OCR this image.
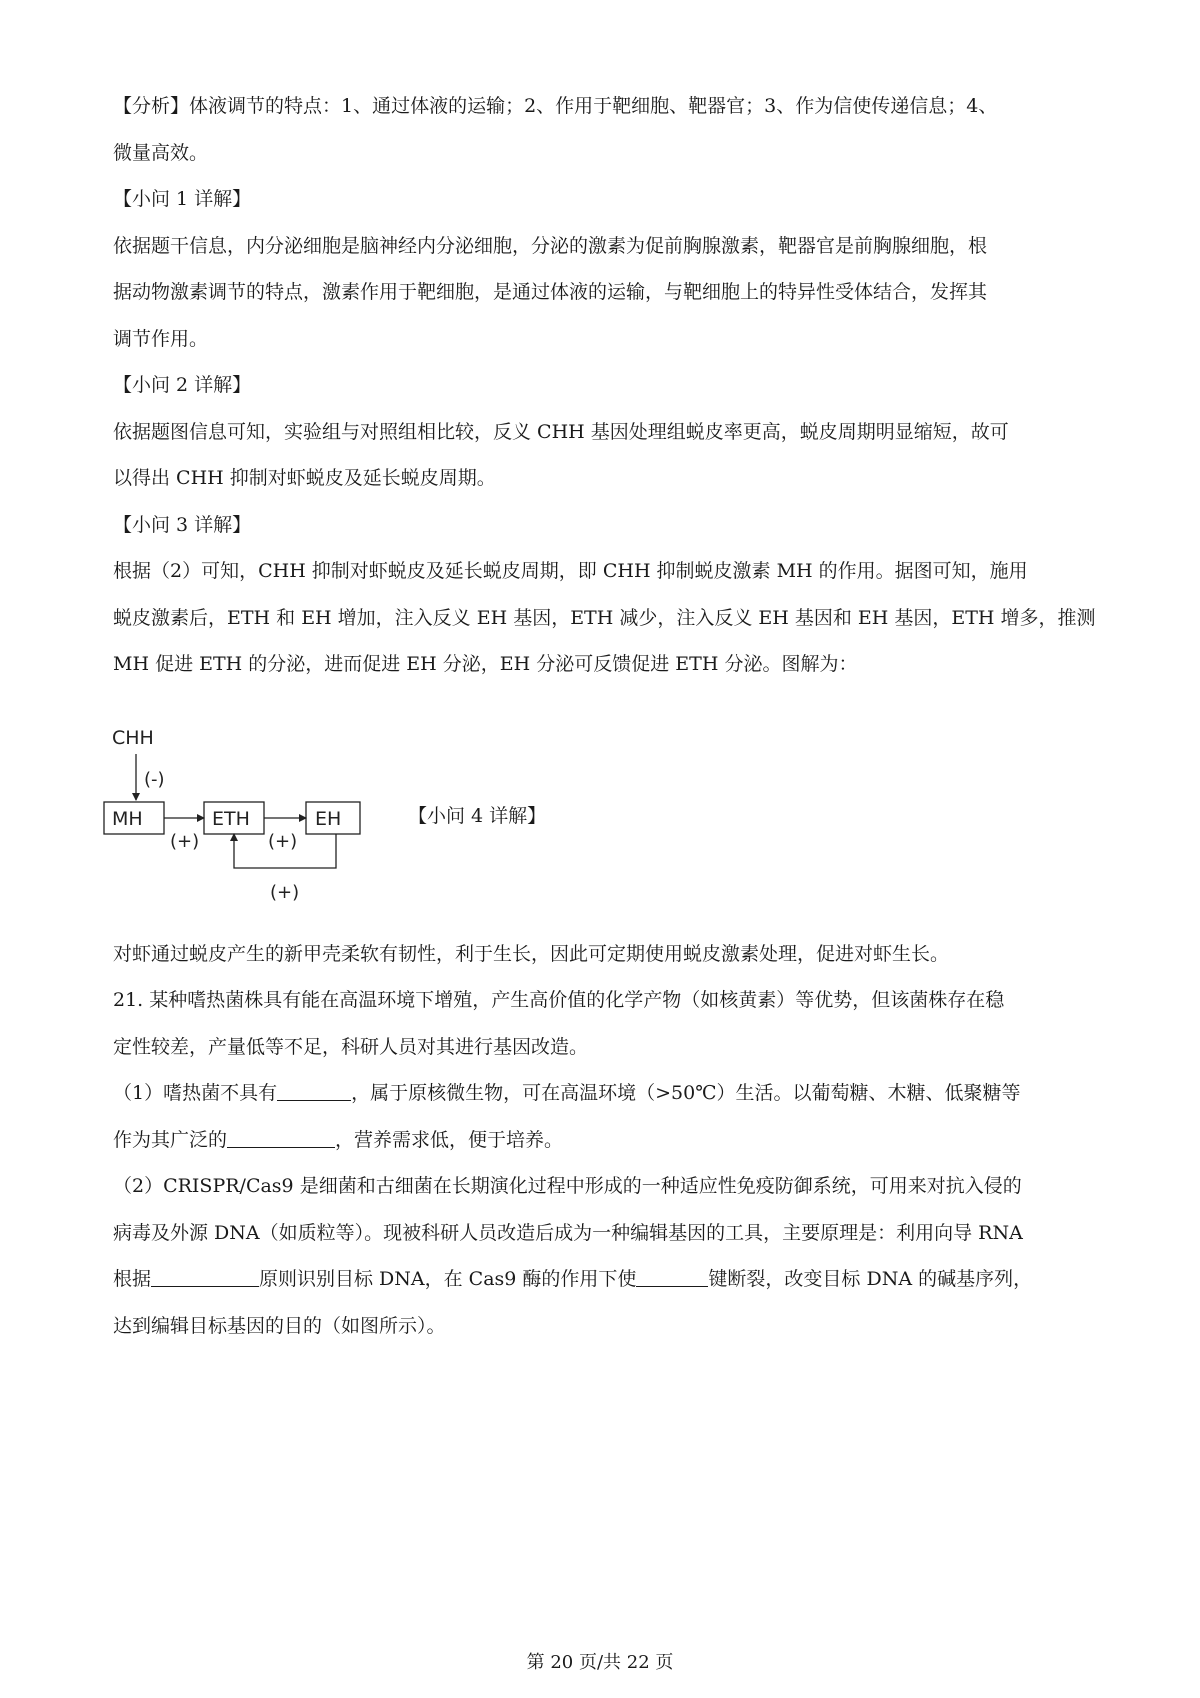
【分析】体液调节的特点：1、通过体液的运输；2、作用于靶细胞、靶器官；3、作为信使传递信息；4、
微量高效。
【小问 1 详解】
依据题干信息，内分泌细胞是脑神经内分泌细胞，分泌的激素为促前胸腺激素，靶器官是前胸腺细胞，根
据动物激素调节的特点，激素作用于靶细胞，是通过体液的运输，与靶细胞上的特异性受体结合，发挥其
调节作用。
【小问 2 详解】
依据题图信息可知，实验组与对照组相比较，反义 CHH 基因处理组蜕皮率更高，蜕皮周期明显缩短，故可
以得出 CHH 抑制对虾蜕皮及延长蜕皮周期。
【小问 3 详解】
根据（2）可知，CHH 抑制对虾蜕皮及延长蜕皮周期，即 CHH 抑制蜕皮激素 MH 的作用。据图可知，施用
蜕皮激素后，ETH 和 EH 增加，注入反义 EH 基因，ETH 减少，注入反义 EH 基因和 EH 基因，ETH 增多，推测
MH 促进 ETH 的分泌，进而促进 EH 分泌，EH 分泌可反馈促进 ETH 分泌。图解为：
CHH
(-)
MH
(+)
ETH
(+)
EH
(+)
【小问 4 详解】
对虾通过蜕皮产生的新甲壳柔软有韧性，利于生长，因此可定期使用蜕皮激素处理，促进对虾生长。
21. 某种嗜热菌株具有能在高温环境下增殖，产生高价值的化学产物（如核黄素）等优势，但该菌株存在稳
定性较差，产量低等不足，科研人员对其进行基因改造。
（1）嗜热菌不具有	，属于原核微生物，可在高温环境（>50℃）生活。以葡萄糖、木糖、低聚糖等
作为其广泛的	，营养需求低，便于培养。
（2）CRISPR/Cas9 是细菌和古细菌在长期演化过程中形成的一种适应性免疫防御系统，可用来对抗入侵的
病毒及外源 DNA（如质粒等）。现被科研人员改造后成为一种编辑基因的工具，主要原理是：利用向导 RNA
根据	原则识别目标 DNA，在 Cas9 酶的作用下使	键断裂，改变目标 DNA 的碱基序列，
达到编辑目标基因的目的（如图所示）。
第 20 页/共 22 页
